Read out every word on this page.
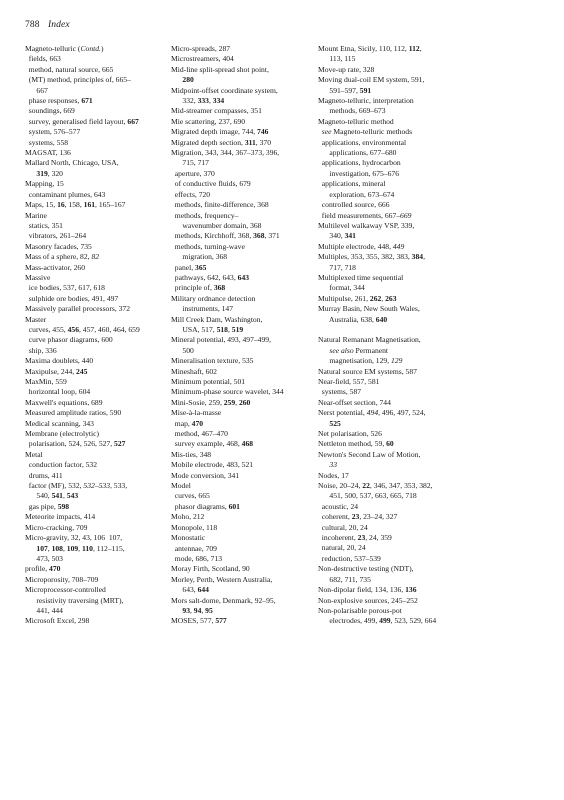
788 Index
Magneto-telluric (Contd.)
fields, 663
method, natural source, 665
(MT) method, principles of, 665–
667
phase responses, 671
soundings, 669
survey, generalised field layout, 667
system, 576–577
systems, 558
MAGSAT, 136
Mallard North, Chicago, USA,
319, 320
Mapping, 15
contaminant plumes, 643
Maps, 15, 16, 158, 161, 165–167
Marine
statics, 351
vibrators, 261–264
Masonry facades, 735
Mass of a sphere, 82, 82
Mass-activator, 260
Massive
ice bodies, 537, 617, 618
sulphide ore bodies, 491, 497
Massively parallel processors, 372
Master
curves, 455, 456, 457, 460, 464, 659
curve phasor diagrams, 600
ship, 336
Maxima doublets, 440
Maxipulse, 244, 245
MaxMin, 559
horizontal loop, 604
Maxwell's equations, 689
Measured amplitude ratios, 590
Medical scanning, 343
Membrane (electrolytic)
polarisation, 524, 526, 527, 527
Metal
conduction factor, 532
drums, 411
factor (MF), 532, 532–533, 533,
540, 541, 543
gas pipe, 598
Meteorite impacts, 414
Micro-cracking, 709
Micro-gravity, 32, 43, 106  107,
107, 108, 109, 110, 112–115,
473, 503
profile, 470
Microporosity, 708–709
Microprocessor-controlled
resistivity traversing (MRT),
441, 444
Microsoft Excel, 298
Micro-spreads, 287
Microstreamers, 404
Mid-line split-spread shot point,
280
Midpoint-offset coordinate system,
332, 333, 334
Mid-streamer compasses, 351
Mie scattering, 237, 690
Migrated depth image, 744, 746
Migrated depth section, 311, 370
Migration, 343, 344, 367–373, 396,
715, 717
aperture, 370
of conductive fluids, 679
effects, 720
methods, finite-difference, 368
methods, frequency–
wavenumber domain, 368
methods, Kirchhoff, 368, 368, 371
methods, turning-wave
migration, 368
panel, 365
pathways, 642, 643, 643
principle of, 368
Military ordnance detection
instruments, 147
Mill Creek Dam, Washington,
USA, 517, 518, 519
Mineral potential, 493, 497–499,
500
Mineralisation texture, 535
Mineshaft, 602
Minimum potential, 501
Minimum-phase source wavelet, 344
Mini-Sosie, 259, 259, 260
Mise-à-la-masse
map, 470
method, 467–470
survey example, 468, 468
Mis-ties, 348
Mobile electrode, 483, 521
Mode conversion, 341
Model
curves, 665
phasor diagrams, 601
Moho, 212
Monopole, 118
Monostatic
antennae, 709
mode, 686, 713
Moray Firth, Scotland, 90
Morley, Perth, Western Australia,
643, 644
Mors salt-dome, Denmark, 92–95,
93, 94, 95
MOSES, 577, 577
Mount Etna, Sicily, 110, 112, 112,
113, 115
Move-up rate, 328
Moving dual-coil EM system, 591,
591–597, 591
Magneto-telluric, interpretation
methods, 669–673
Magneto-telluric method
see Magneto-telluric methods
applications, environmental
applications, 677–680
applications, hydrocarbon
investigation, 675–676
applications, mineral
exploration, 673–674
controlled source, 666
field measurements, 667–669
Multilevel walkaway VSP, 339,
340, 341
Multiple electrode, 448, 449
Multiples, 353, 355, 382, 383, 384,
717, 718
Multiplexed time sequential
format, 344
Multipulse, 261, 262, 263
Murray Basin, New South Wales,
Australia, 638, 640
Natural Remanant Magnetisation,
see also Permanent
magnetisation, 129, 129
Natural source EM systems, 587
Near-field, 557, 581
systems, 587
Near-offset section, 744
Nerst potential, 494, 496, 497, 524,
525
Net polarisation, 526
Nettleton method, 59, 60
Newton's Second Law of Motion,
33
Nodes, 17
Noise, 20–24, 22, 346, 347, 353, 382,
451, 500, 537, 663, 665, 718
acoustic, 24
coherent, 23, 23–24, 327
cultural, 20, 24
incoherent, 23, 24, 359
natural, 20, 24
reduction, 537–539
Non-destructive testing (NDT),
682, 711, 735
Non-dipolar field, 134, 136, 136
Non-explosive sources, 245–252
Non-polarisable porous-pot
electrodes, 499, 499, 523, 529, 664
